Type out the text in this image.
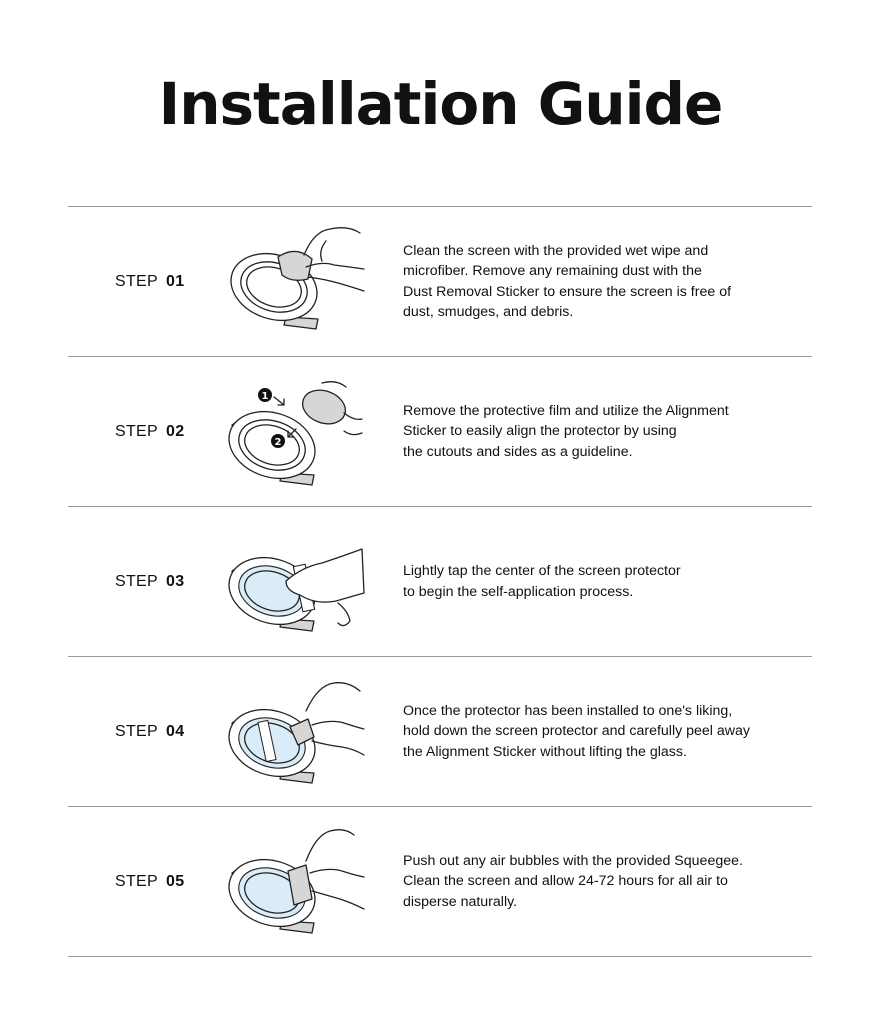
Installation Guide
STEP 01

Clean the screen with the provided wet wipe and
microfiber. Remove any remaining dust with the
Dust Removal Sticker to ensure the screen is free of
dust, smudges, and debris.

STEP 02
1
2

Remove the protective film and utilize the Alignment
Sticker to easily align the protector by using
the cutouts and sides as a guideline.

STEP 03

Lightly tap the center of the screen protector
to begin the self-application process.

STEP 04

Once the protector has been installed to one's liking,
hold down the screen protector and carefully peel away
the Alignment Sticker without lifting the glass.

STEP 05

Push out any air bubbles with the provided Squeegee.
Clean the screen and allow 24-72 hours for all air to
disperse naturally.
